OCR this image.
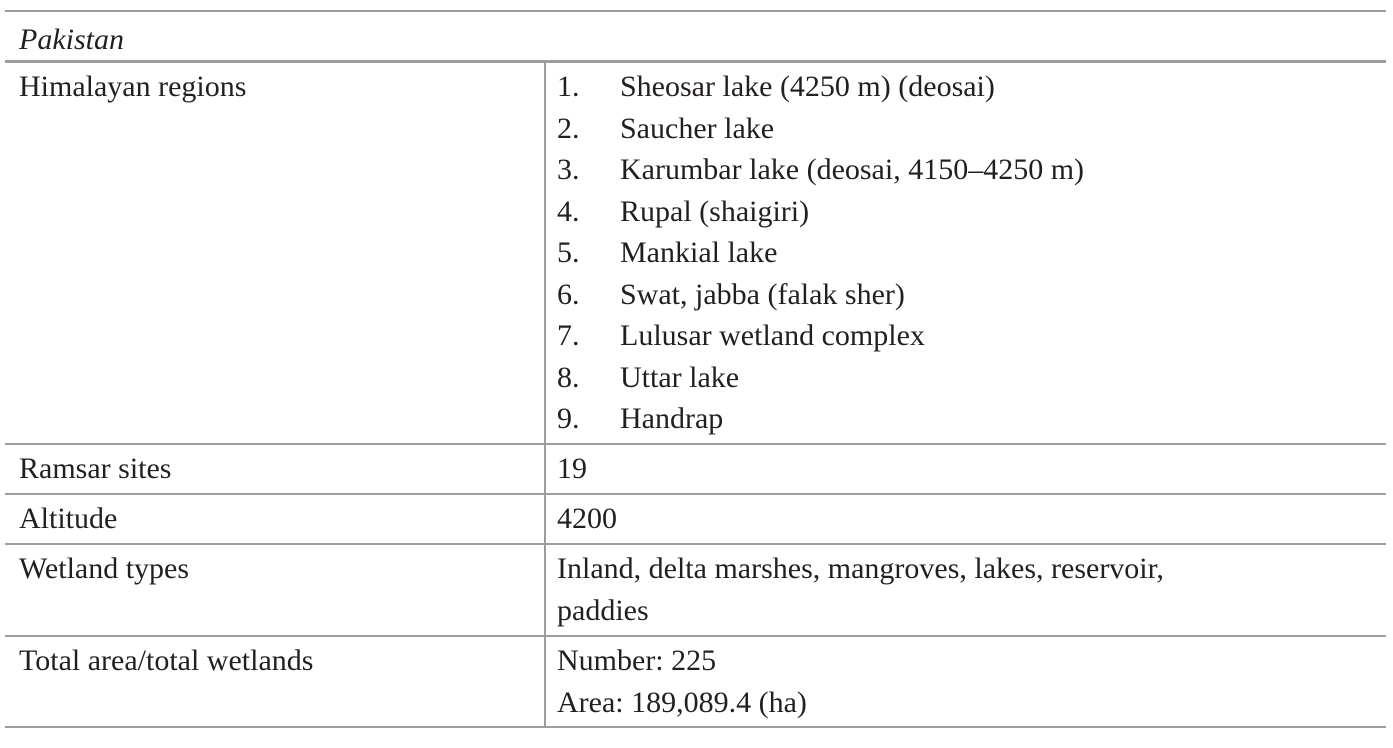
Pakistan
Himalayan regions	1.	Sheosar lake (4250 m) (deosai)
2.	Saucher lake
3.	Karumbar lake (deosai, 4150–4250 m)
4.	Rupal (shaigiri)
5.	Mankial lake
6.	Swat, jabba (falak sher)
7.	Lulusar wetland complex
8.	Uttar lake
9.	Handrap
Ramsar sites	19
Altitude	4200
Wetland types	Inland, delta marshes, mangroves, lakes, reservoir,
paddies
Total area/total wetlands	Number: 225
Area: 189,089.4 (ha)
